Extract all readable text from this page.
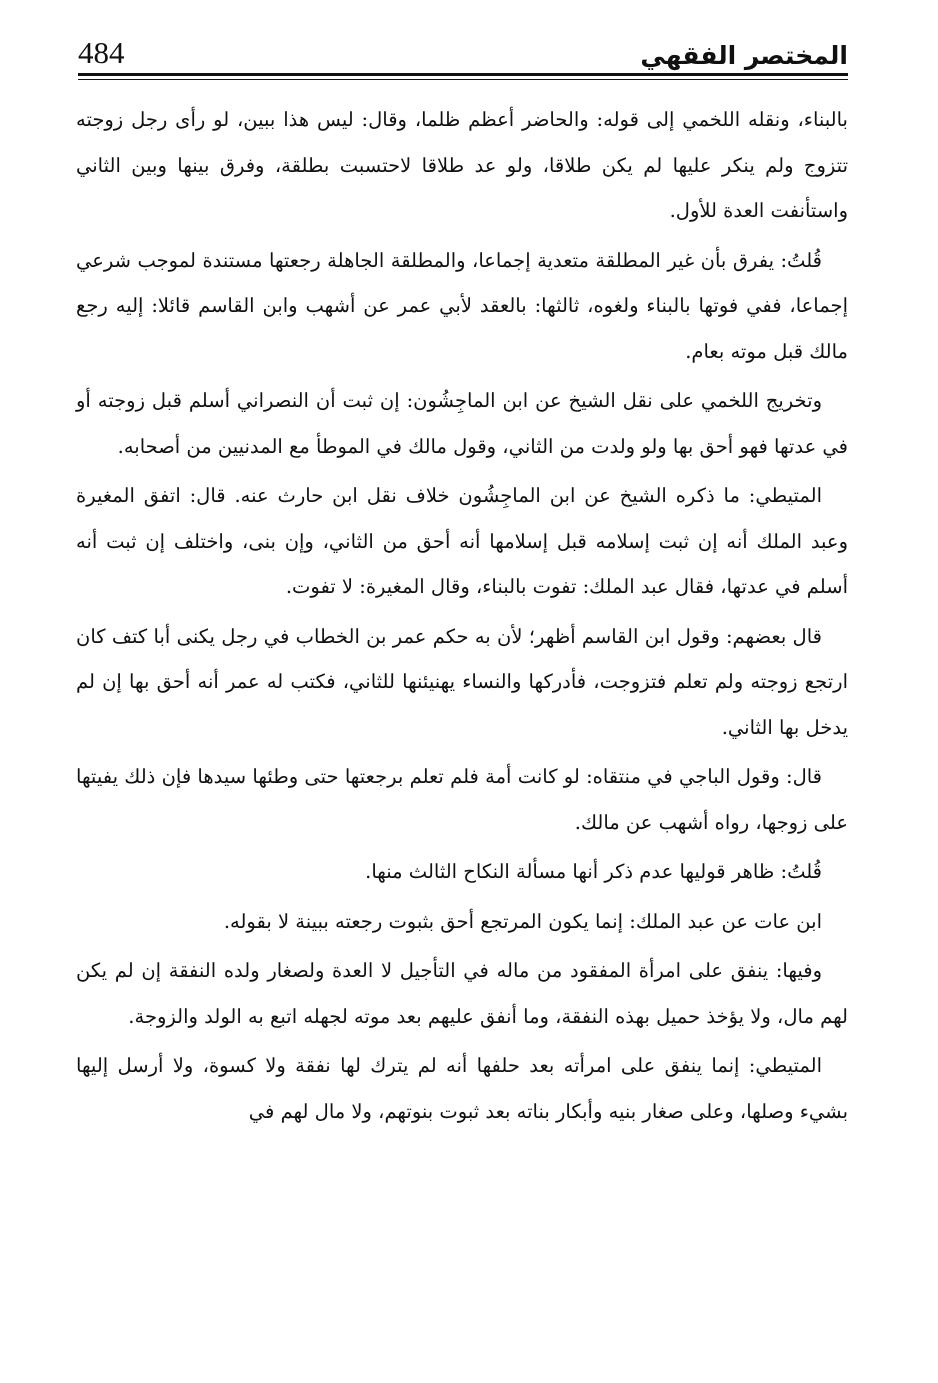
484	المختصر الفقهي

بالبناء، ونقله اللخمي إلى قوله: والحاضر أعظم ظلما، وقال: ليس هذا ببين، لو رأى رجل زوجته تتزوج ولم ينكر عليها لم يكن طلاقا، ولو عد طلاقا لاحتسبت بطلقة، وفرق بينها وبين الثاني واستأنفت العدة للأول.

قُلتُ: يفرق بأن غير المطلقة متعدية إجماعا، والمطلقة الجاهلة رجعتها مستندة لموجب شرعي إجماعا، ففي فوتها بالبناء ولغوه، ثالثها: بالعقد لأبي عمر عن أشهب وابن القاسم قائلا: إليه رجع مالك قبل موته بعام.

وتخريج اللخمي على نقل الشيخ عن ابن الماجِشُون: إن ثبت أن النصراني أسلم قبل زوجته أو في عدتها فهو أحق بها ولو ولدت من الثاني، وقول مالك في الموطأ مع المدنيين من أصحابه.

المتيطي: ما ذكره الشيخ عن ابن الماجِشُون خلاف نقل ابن حارث عنه. قال: اتفق المغيرة وعبد الملك أنه إن ثبت إسلامه قبل إسلامها أنه أحق من الثاني، وإن بنى، واختلف إن ثبت أنه أسلم في عدتها، فقال عبد الملك: تفوت بالبناء، وقال المغيرة: لا تفوت.

قال بعضهم: وقول ابن القاسم أظهر؛ لأن به حكم عمر بن الخطاب في رجل يكنى أبا كتف كان ارتجع زوجته ولم تعلم فتزوجت، فأدركها والنساء يهنيئنها للثاني، فكتب له عمر أنه أحق بها إن لم يدخل بها الثاني.

قال: وقول الباجي في منتقاه: لو كانت أمة فلم تعلم برجعتها حتى وطئها سيدها فإن ذلك يفيتها على زوجها، رواه أشهب عن مالك.

قُلتُ: ظاهر قوليها عدم ذكر أنها مسألة النكاح الثالث منها.

ابن عات عن عبد الملك: إنما يكون المرتجع أحق بثبوت رجعته ببينة لا بقوله.

وفيها: ينفق على امرأة المفقود من ماله في التأجيل لا العدة ولصغار ولده النفقة إن لم يكن لهم مال، ولا يؤخذ حميل بهذه النفقة، وما أنفق عليهم بعد موته لجهله اتبع به الولد والزوجة.

المتيطي: إنما ينفق على امرأته بعد حلفها أنه لم يترك لها نفقة ولا كسوة، ولا أرسل إليها بشيء وصلها، وعلى صغار بنيه وأبكار بناته بعد ثبوت بنوتهم، ولا مال لهم في
